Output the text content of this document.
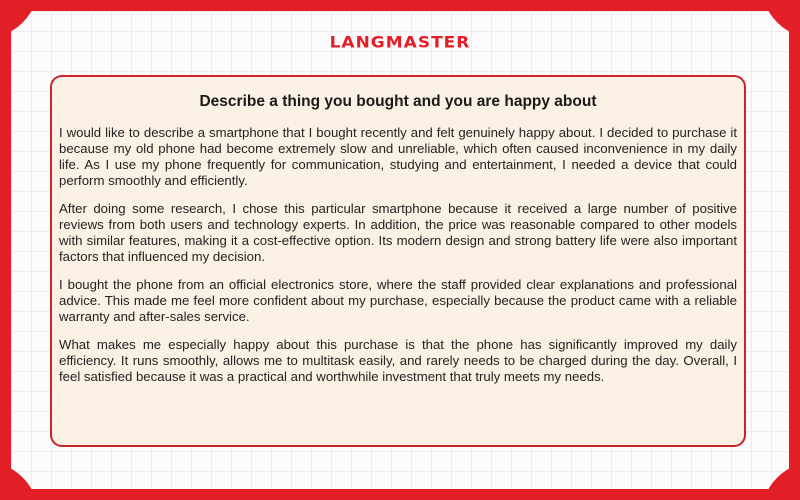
LANGMASTER
Describe a thing you bought and you are happy about

I would like to describe a smartphone that I bought recently and felt genuinely happy about. I decided to purchase it because my old phone had become extremely slow and unreliable, which often caused inconvenience in my daily life. As I use my phone frequently for communication, studying and entertainment, I needed a device that could perform smoothly and efficiently.

After doing some research, I chose this particular smartphone because it received a large number of positive reviews from both users and technology experts. In addition, the price was reasonable compared to other models with similar features, making it a cost-effective option. Its modern design and strong battery life were also important factors that influenced my decision.

I bought the phone from an official electronics store, where the staff provided clear explanations and professional advice. This made me feel more confident about my purchase, especially because the product came with a reliable warranty and after-sales service.

What makes me especially happy about this purchase is that the phone has significantly improved my daily efficiency. It runs smoothly, allows me to multitask easily, and rarely needs to be charged during the day. Overall, I feel satisfied because it was a practical and worthwhile investment that truly meets my needs.
